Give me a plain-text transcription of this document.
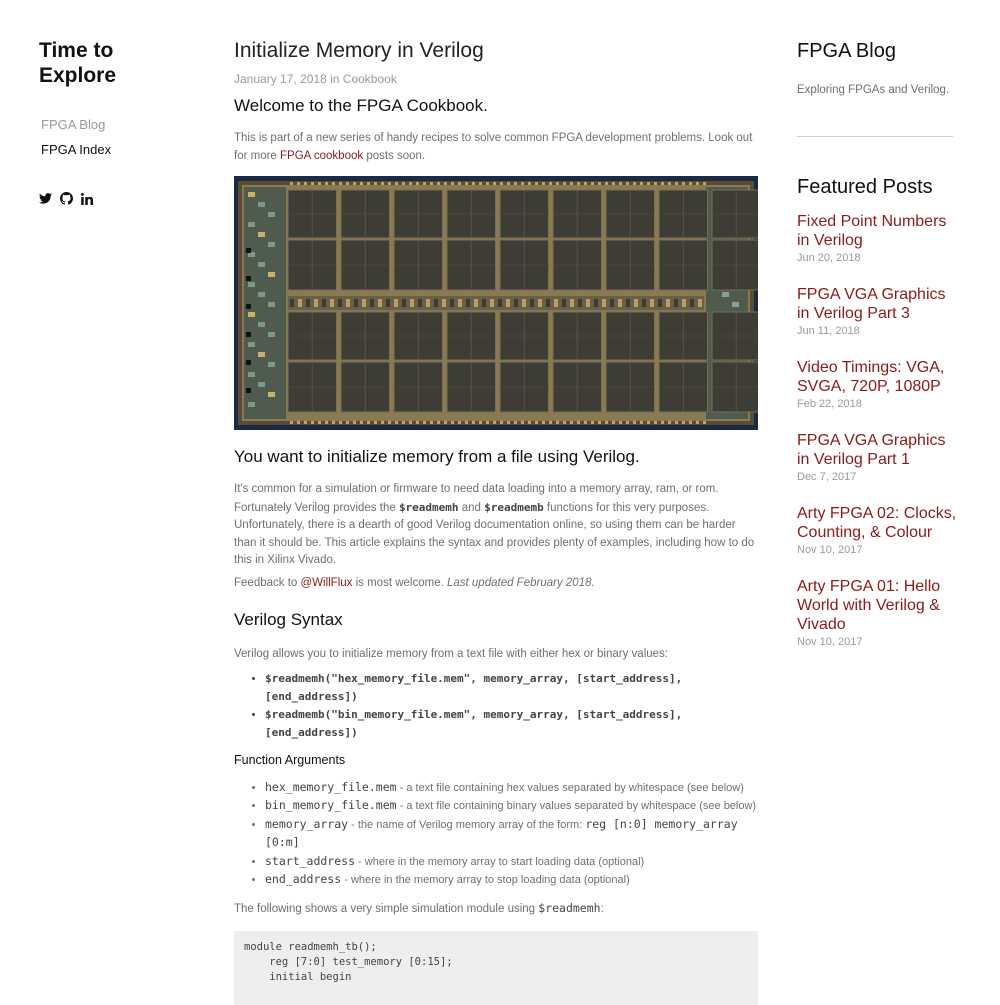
Time to
Explore
FPGA Blog
FPGA Index
Initialize Memory in Verilog
January 17, 2018 in Cookbook
Welcome to the FPGA Cookbook.

This is part of a new series of handy recipes to solve common FPGA development problems. Look out for more FPGA cookbook posts soon.

You want to initialize memory from a file using Verilog.

It's common for a simulation or firmware to need data loading into a memory array, ram, or rom. Fortunately Verilog provides the $readmemh and $readmemb functions for this very purposes. Unfortunately, there is a dearth of good Verilog documentation online, so using them can be harder than it should be. This article explains the syntax and provides plenty of examples, including how to do this in Xilinx Vivado.

Feedback to @WillFlux is most welcome. Last updated February 2018.

Verilog Syntax

Verilog allows you to initialize memory from a text file with either hex or binary values:

• $readmemh("hex_memory_file.mem", memory_array, [start_address], [end_address])
• $readmemb("bin_memory_file.mem", memory_array, [start_address], [end_address])
Function Arguments
• hex_memory_file.mem - a text file containing hex values separated by whitespace (see below)
• bin_memory_file.mem - a text file containing binary values separated by whitespace (see below)
• memory_array - the name of Verilog memory array of the form: reg [n:0] memory_array [0:m]
• start_address - where in the memory array to start loading data (optional)
• end_address - where in the memory array to stop loading data (optional)

The following shows a very simple simulation module using $readmemh:

module readmemh_tb();
reg [7:0] test_memory [0:15];
initial begin
FPGA Blog
Exploring FPGAs and Verilog.
Featured Posts
Fixed Point Numbers in Verilog
Jun 20, 2018
FPGA VGA Graphics in Verilog Part 3
Jun 11, 2018
Video Timings: VGA, SVGA, 720P, 1080P
Feb 22, 2018
FPGA VGA Graphics in Verilog Part 1
Dec 7, 2017
Arty FPGA 02: Clocks, Counting, & Colour
Nov 10, 2017
Arty FPGA 01: Hello World with Verilog & Vivado
Nov 10, 2017
